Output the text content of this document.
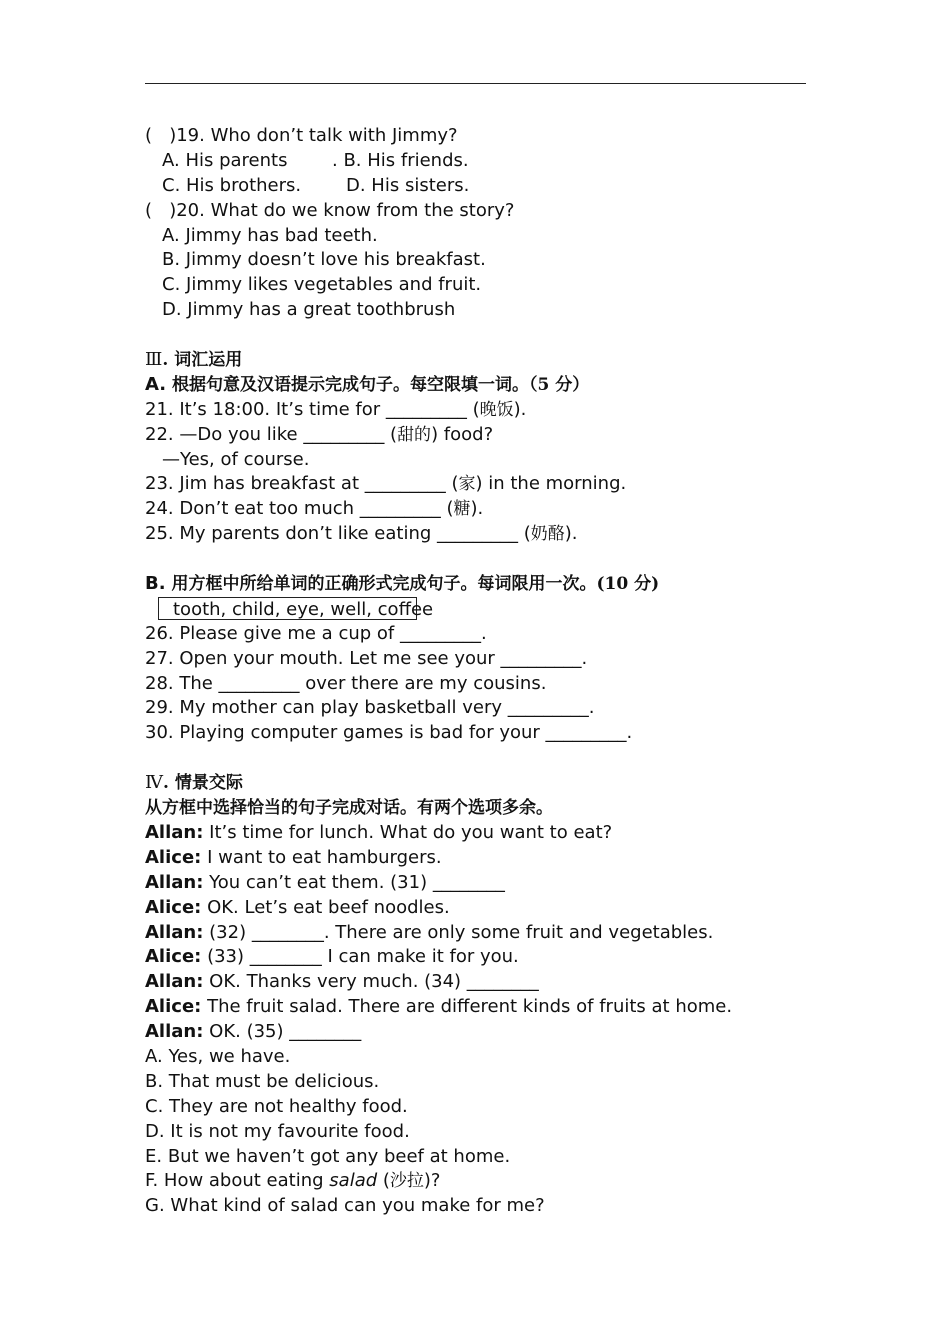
(   )19. Who don’t talk with Jimmy?
A. His parents . B. His friends.
C. His brothers. D. His sisters.
(   )20. What do we know from the story?
A. Jimmy has bad teeth.
B. Jimmy doesn’t love his breakfast.
C. Jimmy likes vegetables and fruit.
D. Jimmy has a great toothbrush
Ⅲ. 词汇运用
A. 根据句意及汉语提示完成句子。每空限填一词。（5 分）
21. It’s 18:00. It’s time for _________ (晚饭).
22. —Do you like _________ (甜的) food?
—Yes, of course.
23. Jim has breakfast at _________ (家) in the morning.
24. Don’t eat too much _________ (糖).
25. My parents don’t like eating _________ (奶酪).
B. 用方框中所给单词的正确形式完成句子。每词限用一次。(10 分)
tooth, child, eye, well, coffee
26. Please give me a cup of _________.
27. Open your mouth. Let me see your _________.
28. The _________ over there are my cousins.
29. My mother can play basketball very _________.
30. Playing computer games is bad for your _________.
Ⅳ. 情景交际
从方框中选择恰当的句子完成对话。有两个选项多余。
Allan: It’s time for lunch. What do you want to eat?
Alice: I want to eat hamburgers.
Allan: You can’t eat them. (31) ________
Alice: OK. Let’s eat beef noodles.
Allan: (32) ________. There are only some fruit and vegetables.
Alice: (33) ________ I can make it for you.
Allan: OK. Thanks very much. (34) ________
Alice: The fruit salad. There are different kinds of fruits at home.
Allan: OK. (35) ________
A. Yes, we have.
B. That must be delicious.
C. They are not healthy food.
D. It is not my favourite food.
E. But we haven’t got any beef at home.
F. How about eating salad (沙拉)?
G. What kind of salad can you make for me?
